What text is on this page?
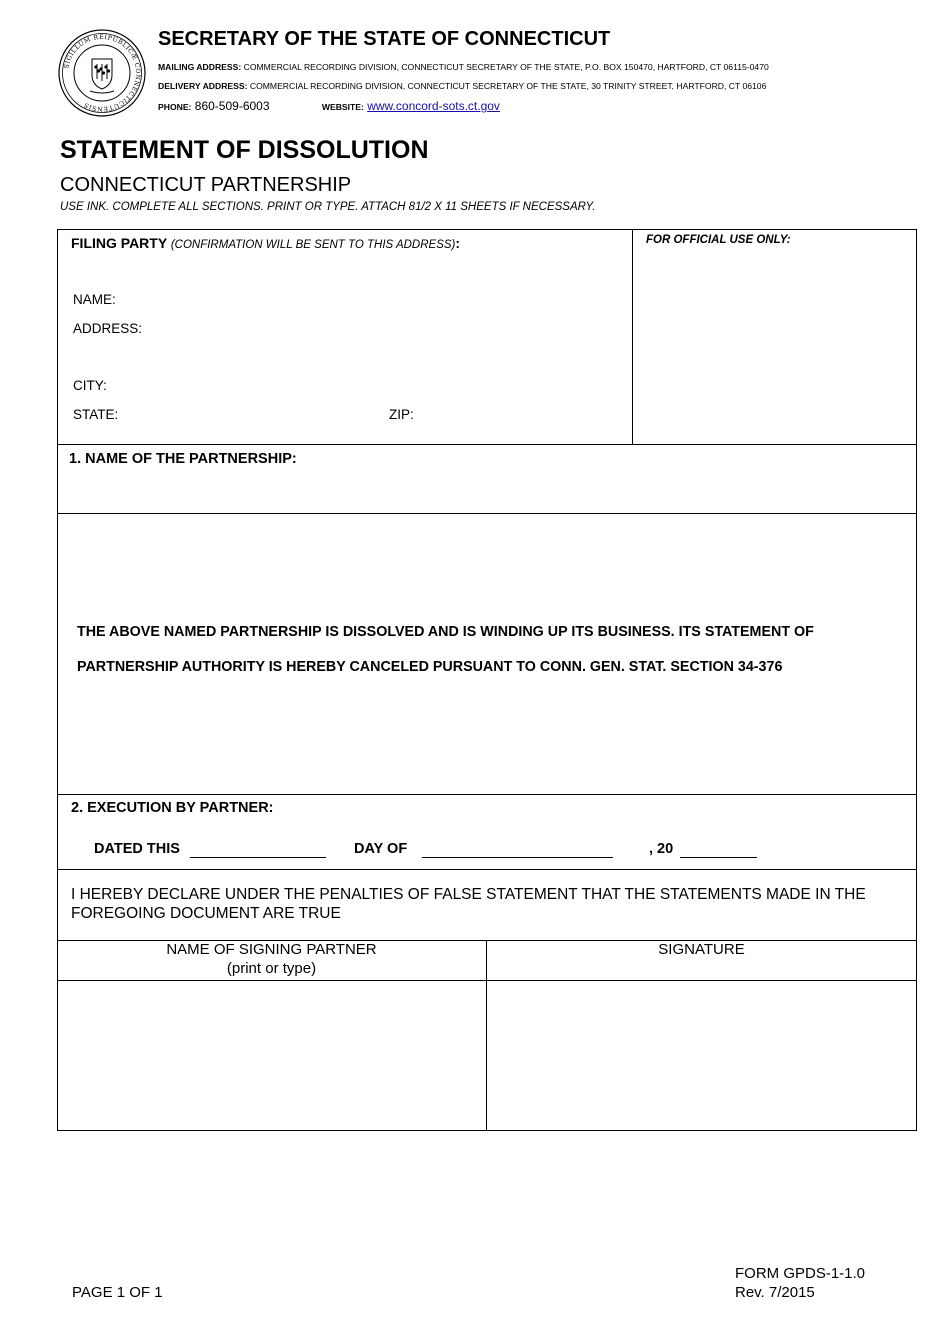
SIGILLUM REIPUBLICÆ CONNECTICUTENSIS
SECRETARY OF THE STATE OF CONNECTICUT
MAILING ADDRESS: COMMERCIAL RECORDING DIVISION, CONNECTICUT SECRETARY OF THE STATE, P.O. BOX 150470, HARTFORD, CT 06115-0470
DELIVERY ADDRESS: COMMERCIAL RECORDING DIVISION, CONNECTICUT SECRETARY OF THE STATE, 30 TRINITY STREET, HARTFORD, CT 06106
PHONE: 860-509-6003	WEBSITE: www.concord-sots.ct.gov
STATEMENT OF DISSOLUTION
CONNECTICUT PARTNERSHIP
USE INK. COMPLETE ALL SECTIONS. PRINT OR TYPE. ATTACH 81/2 X 11 SHEETS IF NECESSARY.
FILING PARTY (CONFIRMATION WILL BE SENT TO THIS ADDRESS):	FOR OFFICIAL USE ONLY:
NAME:
ADDRESS:
CITY:
STATE:	ZIP:
1. NAME OF THE PARTNERSHIP:
THE ABOVE NAMED PARTNERSHIP IS DISSOLVED AND IS WINDING UP ITS BUSINESS. ITS STATEMENT OF
PARTNERSHIP AUTHORITY IS HEREBY CANCELED PURSUANT TO CONN. GEN. STAT. SECTION 34-376
2. EXECUTION BY PARTNER:
DATED THIS	DAY OF	, 20
I HEREBY DECLARE UNDER THE PENALTIES OF FALSE STATEMENT THAT THE STATEMENTS MADE IN THE FOREGOING DOCUMENT ARE TRUE
NAME OF SIGNING PARTNER
(print or type)
SIGNATURE
PAGE 1 OF 1
FORM GPDS-1-1.0
Rev. 7/2015
